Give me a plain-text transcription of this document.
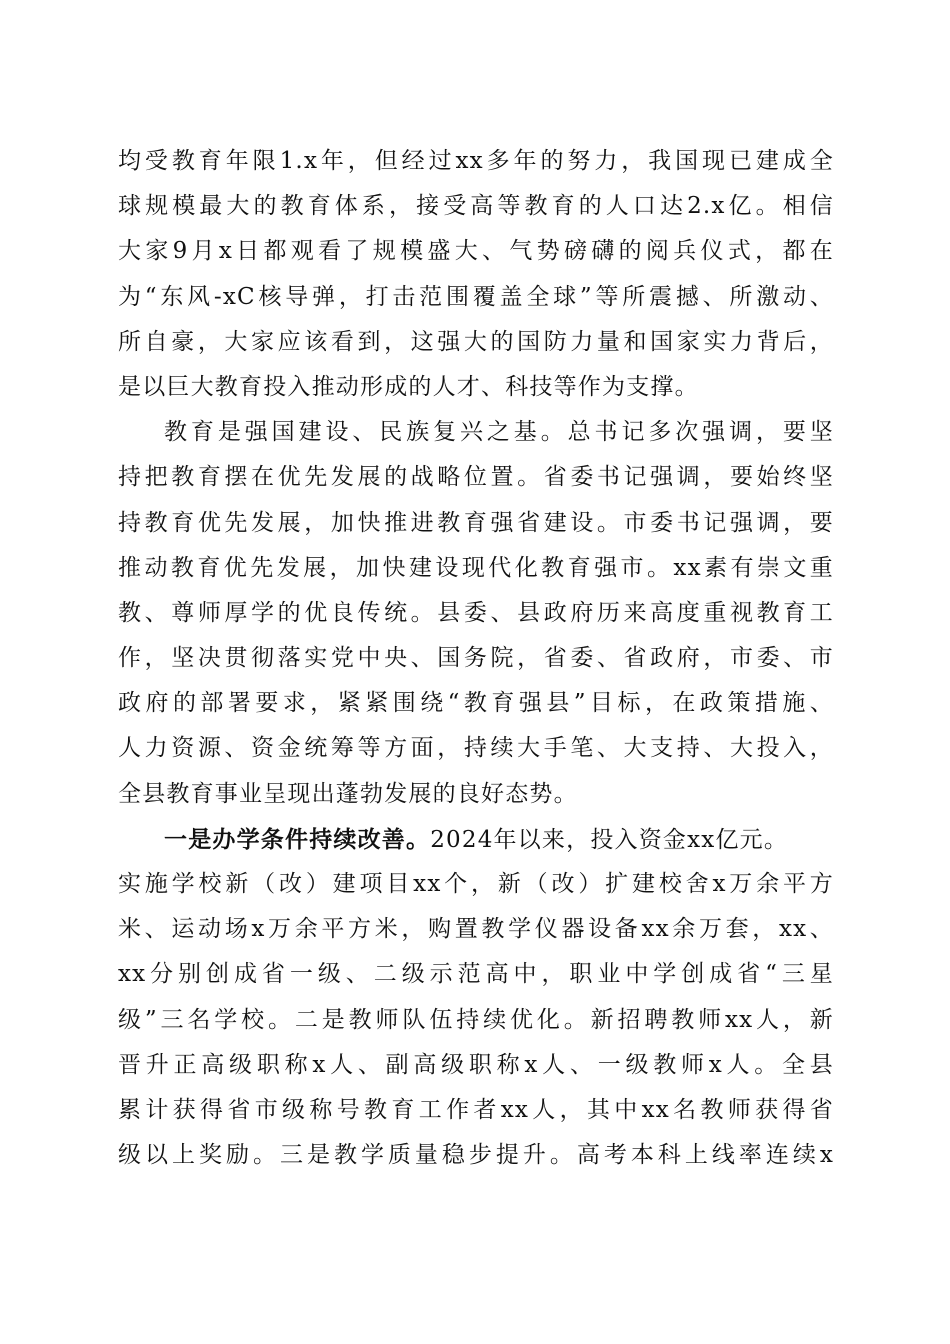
均受教育年限1.x年，但经过xx多年的努力，我国现已建成全
球规模最大的教育体系，接受高等教育的人口达2.x亿。相信
大家9月x日都观看了规模盛大、气势磅礴的阅兵仪式，都在
为“东风-xC核导弹，打击范围覆盖全球”等所震撼、所激动、
所自豪，大家应该看到，这强大的国防力量和国家实力背后，
是以巨大教育投入推动形成的人才、科技等作为支撑。
教育是强国建设、民族复兴之基。总书记多次强调，要坚
持把教育摆在优先发展的战略位置。省委书记强调，要始终坚
持教育优先发展，加快推进教育强省建设。市委书记强调，要
推动教育优先发展，加快建设现代化教育强市。xx素有崇文重
教、尊师厚学的优良传统。县委、县政府历来高度重视教育工
作，坚决贯彻落实党中央、国务院，省委、省政府，市委、市
政府的部署要求，紧紧围绕“教育强县”目标，在政策措施、
人力资源、资金统筹等方面，持续大手笔、大支持、大投入，
全县教育事业呈现出蓬勃发展的良好态势。
一是办学条件持续改善。2024年以来，投入资金xx亿元。
实施学校新（改）建项目xx个，新（改）扩建校舍x万余平方
米、运动场x万余平方米，购置教学仪器设备xx余万套，xx、
xx分别创成省一级、二级示范高中，职业中学创成省“三星
级”三名学校。二是教师队伍持续优化。新招聘教师xx人，新
晋升正高级职称x人、副高级职称x人、一级教师x人。全县
累计获得省市级称号教育工作者xx人，其中xx名教师获得省
级以上奖励。三是教学质量稳步提升。高考本科上线率连续x
